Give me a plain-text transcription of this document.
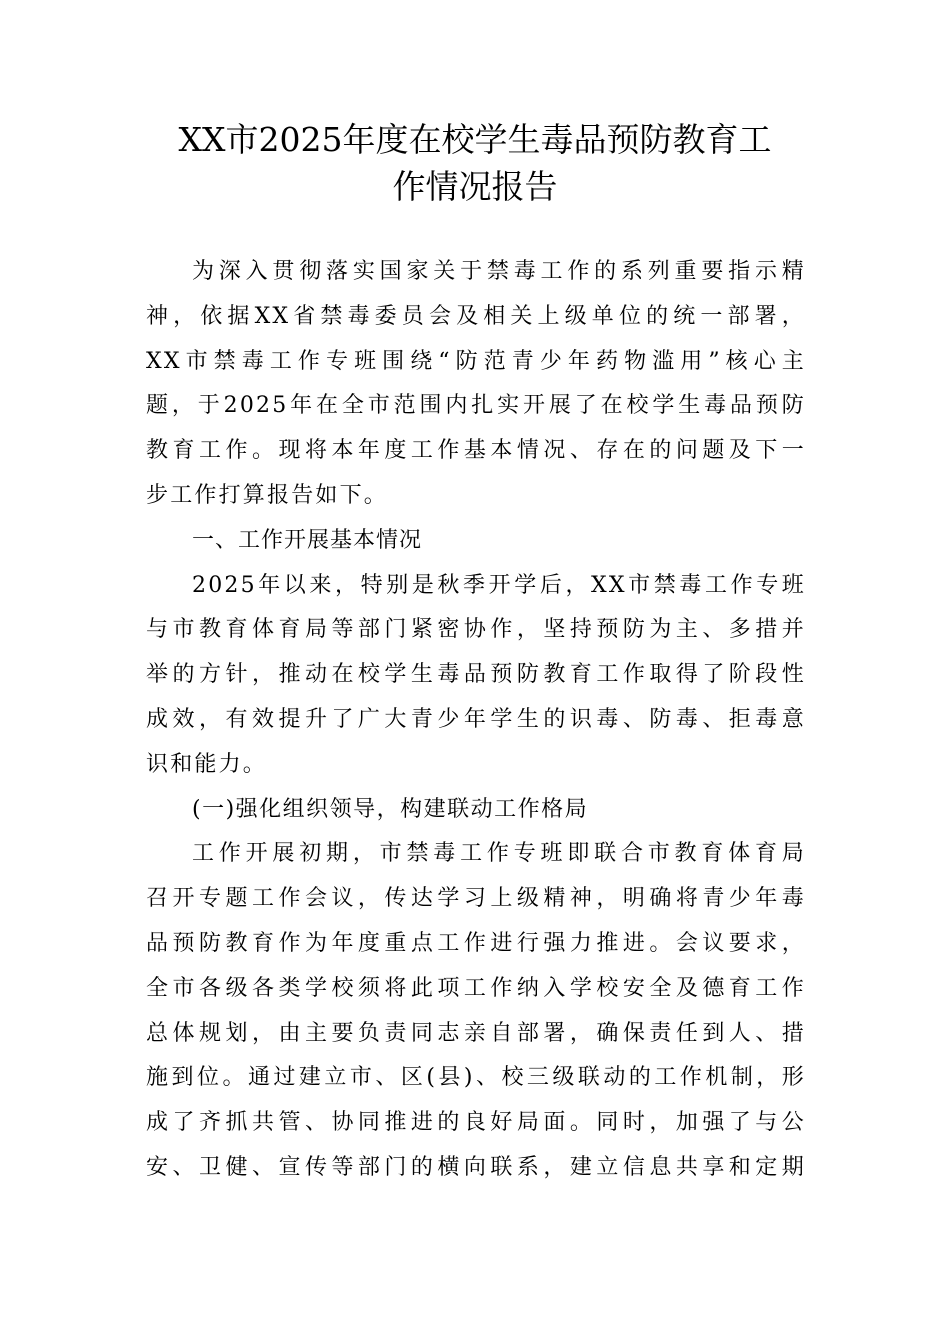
XX市2025年度在校学生毒品预防教育工
作情况报告
为深入贯彻落实国家关于禁毒工作的系列重要指示精
神，依据XX省禁毒委员会及相关上级单位的统一部署，
XX市禁毒工作专班围绕“防范青少年药物滥用”核心主
题，于2025年在全市范围内扎实开展了在校学生毒品预防
教育工作。现将本年度工作基本情况、存在的问题及下一
步工作打算报告如下。
一、工作开展基本情况
2025年以来，特别是秋季开学后，XX市禁毒工作专班
与市教育体育局等部门紧密协作，坚持预防为主、多措并
举的方针，推动在校学生毒品预防教育工作取得了阶段性
成效，有效提升了广大青少年学生的识毒、防毒、拒毒意
识和能力。
(一)强化组织领导，构建联动工作格局
工作开展初期，市禁毒工作专班即联合市教育体育局
召开专题工作会议，传达学习上级精神，明确将青少年毒
品预防教育作为年度重点工作进行强力推进。会议要求，
全市各级各类学校须将此项工作纳入学校安全及德育工作
总体规划，由主要负责同志亲自部署，确保责任到人、措
施到位。通过建立市、区(县)、校三级联动的工作机制，形
成了齐抓共管、协同推进的良好局面。同时，加强了与公
安、卫健、宣传等部门的横向联系，建立信息共享和定期
